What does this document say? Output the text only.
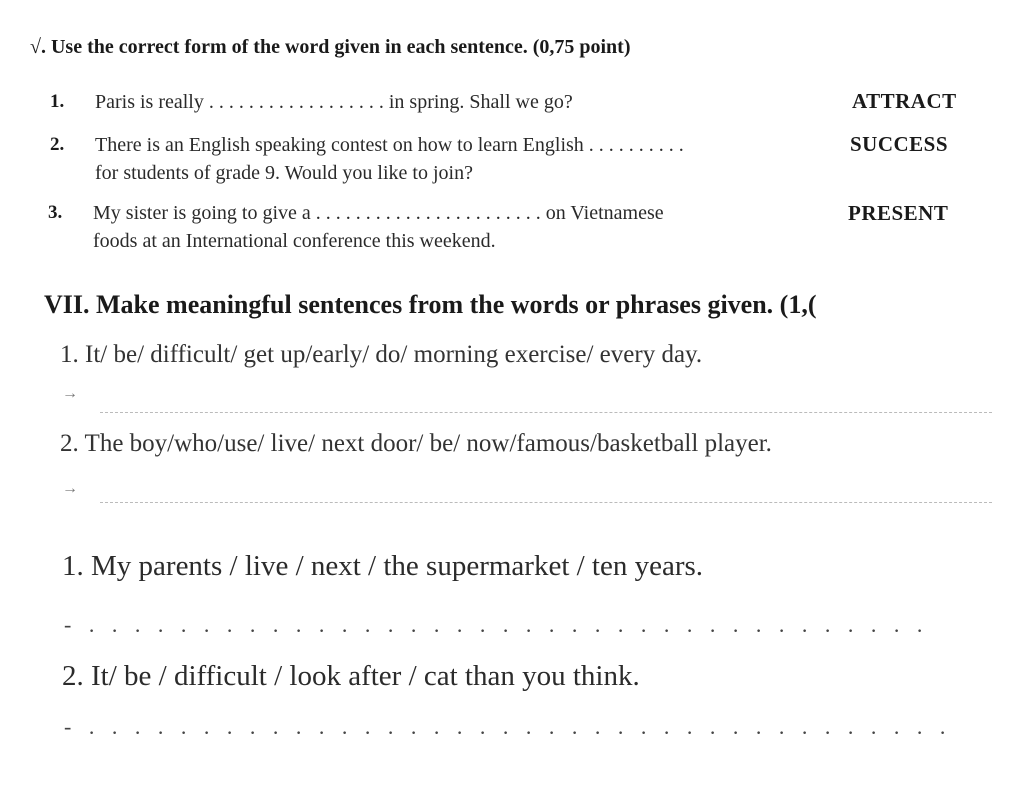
√. Use the correct form of the word given in each sentence. (0,75 point)
1. Paris is really . . . . . . . . . . . . . . . . . . in spring. Shall we go?	ATTRACT
2. There is an English speaking contest on how to learn English . . . . . . . . . .
for students of grade 9. Would you like to join?
SUCCESS
3. My sister is going to give a . . . . . . . . . . . . . . . . . . . . . . . on Vietnamese
foods at an International conference this weekend.
PRESENT
VII. Make meaningful sentences from the words or phrases given. (1,(
1. It/ be/ difficult/ get up/early/ do/ morning exercise/ every day.
→
2. The boy/who/use/ live/ next door/ be/ now/famous/basketball player.
→
1. My parents / live / next / the supermarket / ten years.
- . . . . . . . . . . . . . . . . . . . . . . . . . . . . . . . . . . . . .
2. It/ be / difficult / look after / cat than you think.
- . . . . . . . . . . . . . . . . . . . . . . . . . . . . . . . . . . . . . .
